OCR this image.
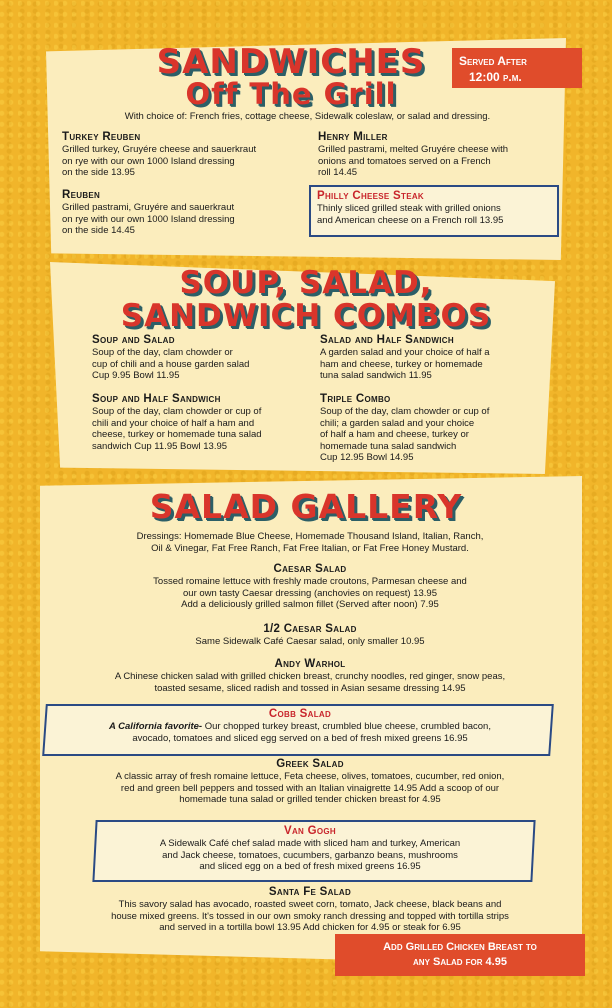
SANDWICHES
Off The Grill
Served After
12:00 p.m.
With choice of: French fries, cottage cheese, Sidewalk coleslaw, or salad and dressing.
Turkey Reuben
Grilled turkey, Gruyére cheese and sauerkraut
on rye with our own 1000 Island dressing
on the side 13.95
Reuben
Grilled pastrami, Gruyére and sauerkraut
on rye with our own 1000 Island dressing
on the side 14.45
Henry Miller
Grilled pastrami, melted Gruyére cheese with
onions and tomatoes served on a French
roll 14.45
Philly Cheese Steak
Thinly sliced grilled steak with grilled onions
and American cheese on a French roll 13.95
SOUP, SALAD,
SANDWICH COMBOS
Soup and Salad
Soup of the day, clam chowder or
cup of chili and a house garden salad
Cup 9.95 Bowl 11.95
Soup and Half Sandwich
Soup of the day, clam chowder or cup of
chili and your choice of half a ham and
cheese, turkey or homemade tuna salad
sandwich Cup 11.95 Bowl 13.95
Salad and Half Sandwich
A garden salad and your choice of half a
ham and cheese, turkey or homemade
tuna salad sandwich 11.95
Triple Combo
Soup of the day, clam chowder or cup of
chili; a garden salad and your choice
of half a ham and cheese, turkey or
homemade tuna salad sandwich
Cup 12.95 Bowl 14.95
SALAD GALLERY
Dressings: Homemade Blue Cheese, Homemade Thousand Island, Italian, Ranch,
Oil & Vinegar, Fat Free Ranch, Fat Free Italian, or Fat Free Honey Mustard.
Caesar Salad
Tossed romaine lettuce with freshly made croutons, Parmesan cheese and
our own tasty Caesar dressing (anchovies on request) 13.95
Add a deliciously grilled salmon fillet (Served after noon) 7.95
1/2 Caesar Salad
Same Sidewalk Café Caesar salad, only smaller 10.95
Andy Warhol
A Chinese chicken salad with grilled chicken breast, crunchy noodles, red ginger, snow peas,
toasted sesame, sliced radish and tossed in Asian sesame dressing 14.95
Cobb Salad
A California favorite- Our chopped turkey breast, crumbled blue cheese, crumbled bacon,
avocado, tomatoes and sliced egg served on a bed of fresh mixed greens 16.95
Greek Salad
A classic array of fresh romaine lettuce, Feta cheese, olives, tomatoes, cucumber, red onion,
red and green bell peppers and tossed with an Italian vinaigrette 14.95 Add a scoop of our
homemade tuna salad or grilled tender chicken breast for 4.95
Van Gogh
A Sidewalk Café chef salad made with sliced ham and turkey, American
and Jack cheese, tomatoes, cucumbers, garbanzo beans, mushrooms
and sliced egg on a bed of fresh mixed greens 16.95
Santa Fe Salad
This savory salad has avocado, roasted sweet corn, tomato, Jack cheese, black beans and
house mixed greens. It's tossed in our own smoky ranch dressing and topped with tortilla strips
and served in a tortilla bowl 13.95 Add chicken for 4.95 or steak for 6.95
Add Grilled Chicken Breast to
any Salad for 4.95
